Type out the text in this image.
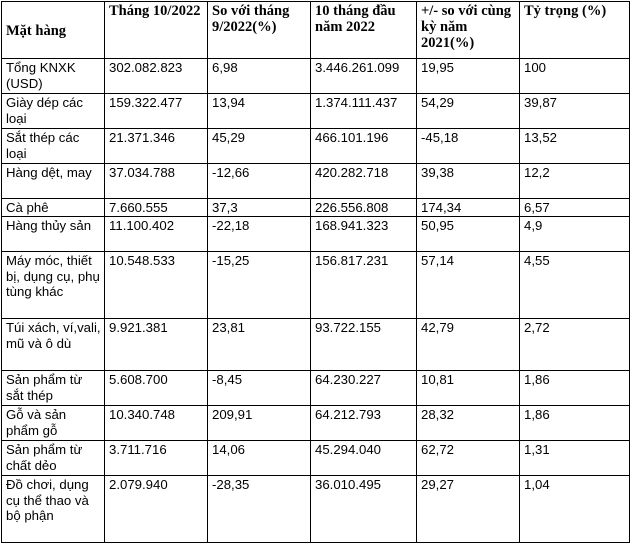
Mặt hàng	Tháng 10/2022	So với tháng 9/2022(%)	10 tháng đầu năm 2022	+/- so với cùng kỳ năm 2021(%)	Tỷ trọng (%)
Tổng KNXK (USD)	302.082.823	6,98	3.446.261.099	19,95	100
Giày dép các loại	159.322.477	13,94	1.374.111.437	54,29	39,87
Sắt thép các loại	21.371.346	45,29	466.101.196	-45,18	13,52
Hàng dệt, may	37.034.788	-12,66	420.282.718	39,38	12,2
Cà phê	7.660.555	37,3	226.556.808	174,34	6,57
Hàng thủy sản	11.100.402	-22,18	168.941.323	50,95	4,9
Máy móc, thiết bị, dụng cụ, phụ tùng khác	10.548.533	-15,25	156.817.231	57,14	4,55
Túi xách, ví,vali, mũ và ô dù	9.921.381	23,81	93.722.155	42,79	2,72
Sản phẩm từ sắt thép	5.608.700	-8,45	64.230.227	10,81	1,86
Gỗ và sản phẩm gỗ	10.340.748	209,91	64.212.793	28,32	1,86
Sản phẩm từ chất dẻo	3.711.716	14,06	45.294.040	62,72	1,31
Đồ chơi, dụng cụ thể thao và bộ phận	2.079.940	-28,35	36.010.495	29,27	1,04
